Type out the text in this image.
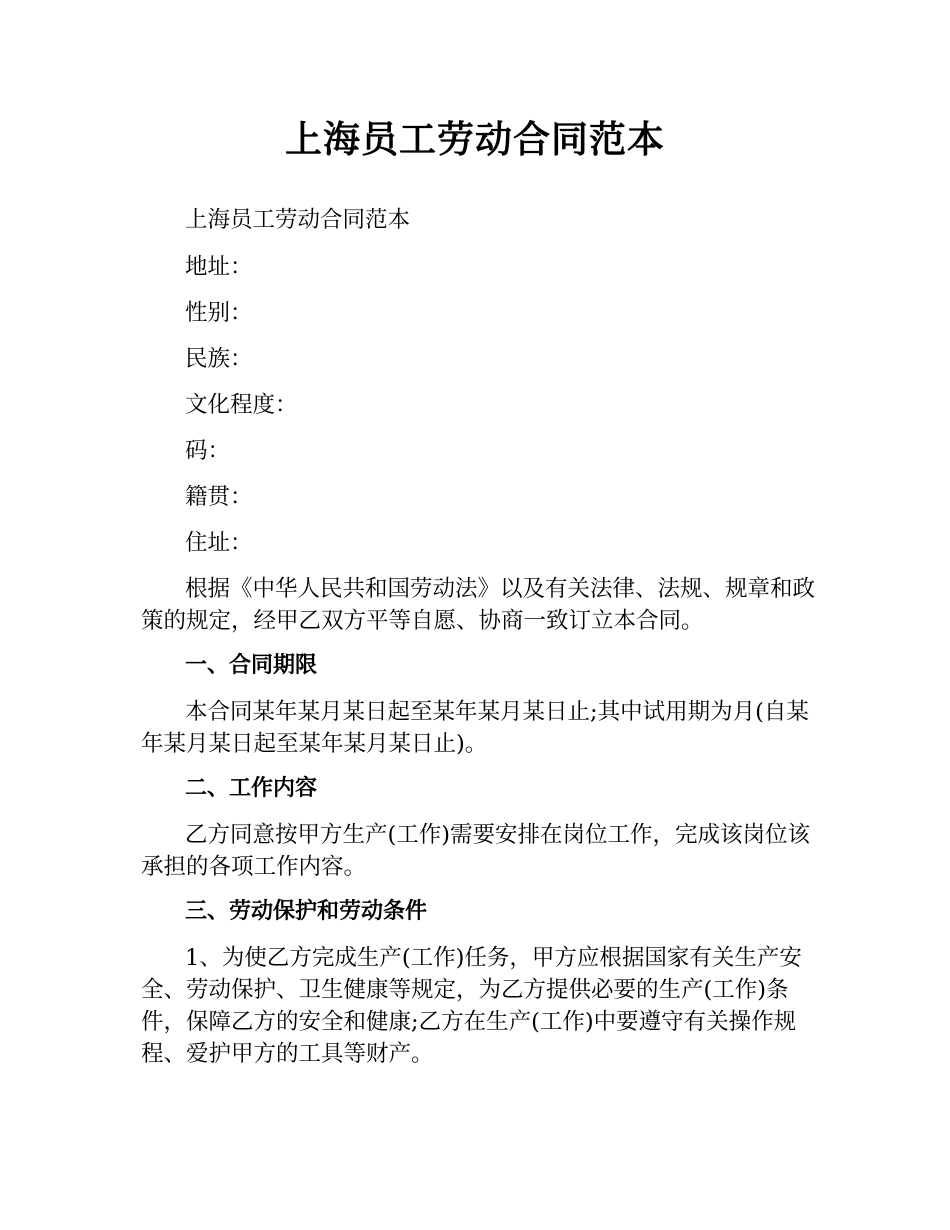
上海员工劳动合同范本

上海员工劳动合同范本

地址：

性别：

民族：

文化程度：

码：

籍贯：

住址：

根据《中华人民共和国劳动法》以及有关法律、法规、规章和政策的规定，经甲乙双方平等自愿、协商一致订立本合同。

一、合同期限

本合同某年某月某日起至某年某月某日止;其中试用期为月(自某年某月某日起至某年某月某日止)。

二、工作内容

乙方同意按甲方生产(工作)需要安排在岗位工作，完成该岗位该承担的各项工作内容。

三、劳动保护和劳动条件

1、为使乙方完成生产(工作)任务，甲方应根据国家有关生产安全、劳动保护、卫生健康等规定，为乙方提供必要的生产(工作)条件，保障乙方的安全和健康;乙方在生产(工作)中要遵守有关操作规程、爱护甲方的工具等财产。
